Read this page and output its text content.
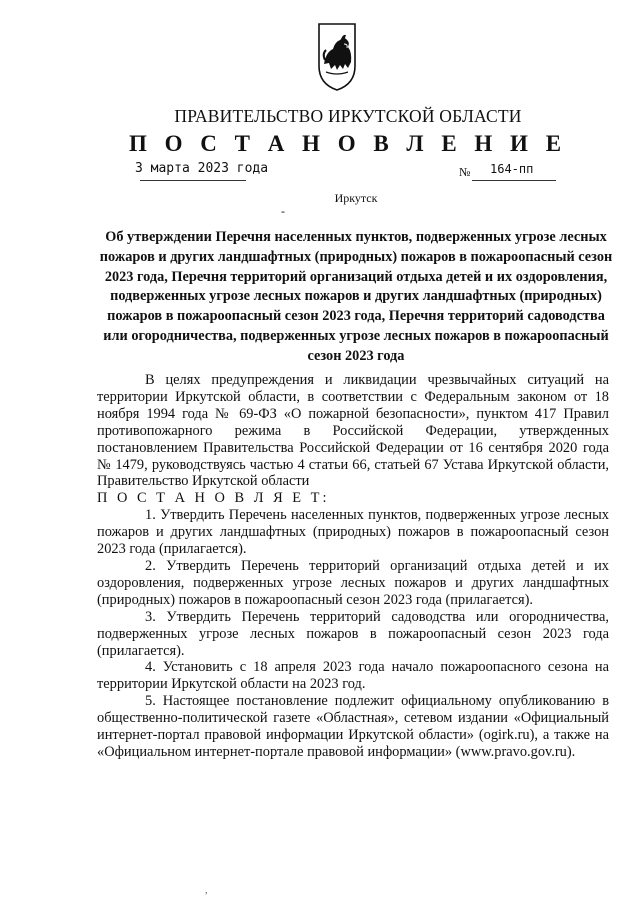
ПРАВИТЕЛЬСТВО ИРКУТСКОЙ ОБЛАСТИ
П О С Т А Н О В Л Е Н И Е
3 марта 2023 года	№ 164-пп
Иркутск
-
Об утверждении Перечня населенных пунктов, подверженных угрозе лесных пожаров и других ландшафтных (природных) пожаров в пожароопасный сезон 2023 года, Перечня территорий организаций отдыха детей и их оздоровления, подверженных угрозе лесных пожаров и других ландшафтных (природных) пожаров в пожароопасный сезон 2023 года, Перечня территорий садоводства или огородничества, подверженных угрозе лесных пожаров в пожароопасный сезон 2023 года

В целях предупреждения и ликвидации чрезвычайных ситуаций на территории Иркутской области, в соответствии с Федеральным законом от 18 ноября 1994 года № 69-ФЗ «О пожарной безопасности», пунктом 417 Правил противопожарного режима в Российской Федерации, утвержденных постановлением Правительства Российской Федерации от 16 сентября 2020 года № 1479, руководствуясь частью 4 статьи 66, статьей 67 Устава Иркутской области, Правительство Иркутской области

П О С Т А Н О В Л Я Е Т:

1. Утвердить Перечень населенных пунктов, подверженных угрозе лесных пожаров и других ландшафтных (природных) пожаров в пожароопасный сезон 2023 года (прилагается).

2. Утвердить Перечень территорий организаций отдыха детей и их оздоровления, подверженных угрозе лесных пожаров и других ландшафтных (природных) пожаров в пожароопасный сезон 2023 года (прилагается).

3. Утвердить Перечень территорий садоводства или огородничества, подверженных угрозе лесных пожаров в пожароопасный сезон 2023 года (прилагается).

4. Установить с 18 апреля 2023 года начало пожароопасного сезона на территории Иркутской области на 2023 год.

5. Настоящее постановление подлежит официальному опубликованию в общественно-политической газете «Областная», сетевом издании «Официальный интернет-портал правовой информации Иркутской области» (ogirk.ru), а также на «Официальном интернет-портале правовой информации» (www.pravo.gov.ru).

,
